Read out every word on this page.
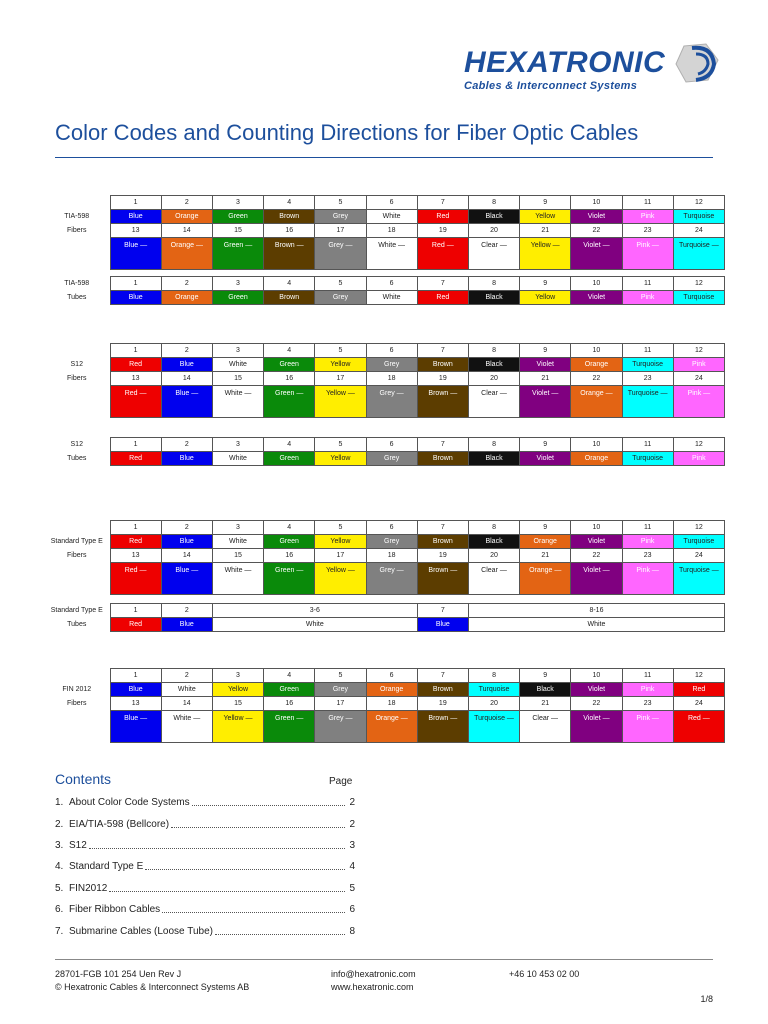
HEXATRONIC
Cables & Interconnect Systems
Color Codes and Counting Directions for Fiber Optic Cables
	1	2	3	4	5	6	7	8	9	10	11	12
TIA-598	Blue	Orange	Green	Brown	Grey	White	Red	Black	Yellow	Violet	Pink	Turquoise
Fibers	13	14	15	16	17	18	19	20	21	22	23	24
	Blue —	Orange —	Green —	Brown —	Grey —	White —	Red —	Clear —	Yellow —	Violet —	Pink —	Turquoise —
TIA-598	1	2	3	4	5	6	7	8	9	10	11	12
Tubes	Blue	Orange	Green	Brown	Grey	White	Red	Black	Yellow	Violet	Pink	Turquoise
	1	2	3	4	5	6	7	8	9	10	11	12
S12	Red	Blue	White	Green	Yellow	Grey	Brown	Black	Violet	Orange	Turquoise	Pink
Fibers	13	14	15	16	17	18	19	20	21	22	23	24
	Red —	Blue —	White —	Green —	Yellow —	Grey —	Brown —	Clear —	Violet —	Orange —	Turquoise —	Pink —
S12	1	2	3	4	5	6	7	8	9	10	11	12
Tubes	Red	Blue	White	Green	Yellow	Grey	Brown	Black	Violet	Orange	Turquoise	Pink
	1	2	3	4	5	6	7	8	9	10	11	12
Standard Type E	Red	Blue	White	Green	Yellow	Grey	Brown	Black	Orange	Violet	Pink	Turquoise
Fibers	13	14	15	16	17	18	19	20	21	22	23	24
	Red —	Blue —	White —	Green —	Yellow —	Grey —	Brown —	Clear —	Orange —	Violet —	Pink —	Turquoise —
Standard Type E	1	2	3-6	7	8-16
Tubes	Red	Blue	White	Blue	White
	1	2	3	4	5	6	7	8	9	10	11	12
FIN 2012	Blue	White	Yellow	Green	Grey	Orange	Brown	Turquoise	Black	Violet	Pink	Red
Fibers	13	14	15	16	17	18	19	20	21	22	23	24
	Blue —	White —	Yellow —	Green —	Grey —	Orange —	Brown —	Turquoise —	Clear —	Violet —	Pink —	Red —
Contents	Page
1. About Color Code Systems	2
2. EIA/TIA-598 (Bellcore)	2
3. S12	3
4. Standard Type E	4
5. FIN2012	5
6. Fiber Ribbon Cables	6
7. Submarine Cables (Loose Tube)	8
28701-FGB 101 254 Uen Rev J
© Hexatronic Cables & Interconnect Systems AB
info@hexatronic.com
www.hexatronic.com
+46 10 453 02 00
1/8
